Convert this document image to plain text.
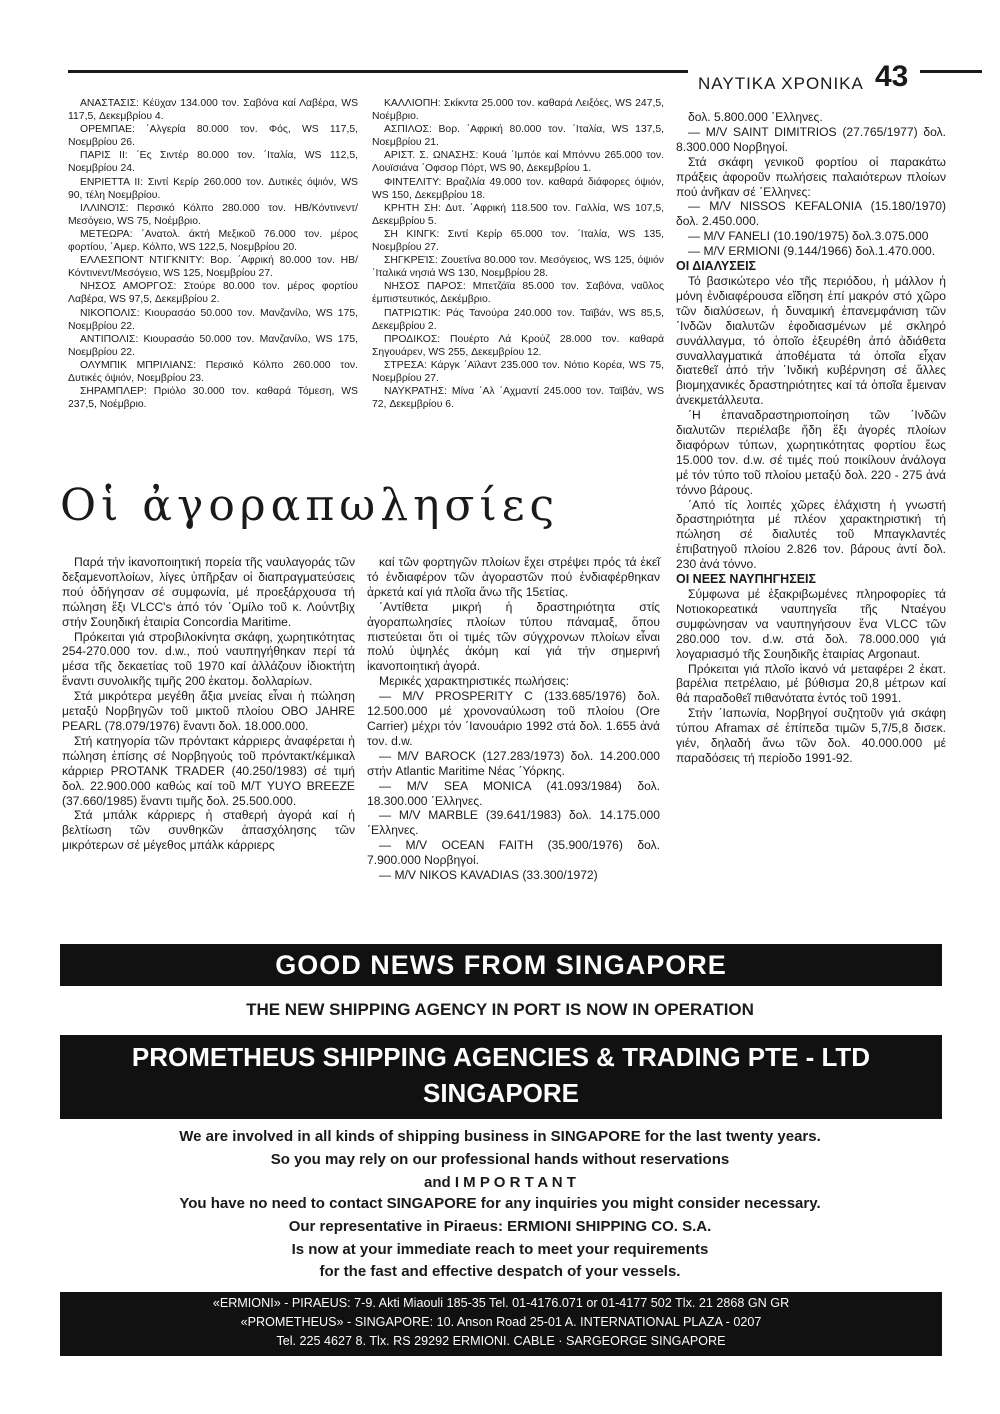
ΝΑΥΤΙΚΑ ΧΡΟΝΙΚΑ 43

ΑΝΑΣΤΑΣΙΣ: Κέϋχαν 134.000 τον. Σαβόνα καί Λαβέρα, WS 117,5, Δεκεμβρίου 4.

ΟΡΕΜΠΑΕ: ΄Αλγερία 80.000 τον. Φός, WS 117,5, Νοεμβρίου 26.

ΠΑΡΙΣ ΙΙ: ΄Ες Σιντέρ 80.000 τον. ΄Ιταλία, WS 112,5, Νοεμβρίου 24.

ΕΝΡΙΕΤΤΑ ΙΙ: Σιντί Κερίρ 260.000 τον. Δυτικές όψιόν, WS 90, τέλη Νοεμβρίου.

ΙΛΛΙΝΟΊΣ: Περσικό Κόλπο 280.000 τον. ΗΒ/Κόντινεντ/ Μεσόγειο, WS 75, Νοέμβριο.

ΜΕΤΕΩΡΑ: ΄Ανατολ. άκτή Μεξικοῦ 76.000 τον. μέρος φορτίου, ΄Αμερ. Κόλπο, WS 122,5, Νοεμβρίου 20.

ΕΛΛΕΣΠΟΝΤ ΝΤΙΓΚΝΙΤΥ: Βορ. ΄Αφρική 80.000 τον. ΗΒ/Κόντινεντ/Μεσόγειο, WS 125, Νοεμβρίου 27.

ΝΗΣΟΣ ΑΜΟΡΓΟΣ: Στούρε 80.000 τον. μέρος φορτίου Λαβέρα, WS 97,5, Δεκεμβρίου 2.

ΝΙΚΟΠΟΛΙΣ: Κιουρασάο 50.000 τον. Μανζανίλο, WS 175, Νοεμβρίου 22.

ΑΝΤΙΠΟΛΙΣ: Κιουρασάο 50.000 τον. Μανζανίλο, WS 175, Νοεμβρίου 22.

ΟΛΥΜΠΙΚ ΜΠΡΙΛΙΑΝΣ: Περσικό Κόλπο 260.000 τον. Δυτικές όψιόν, Νοεμβρίου 23.

ΣΗΡΑΜΠΛΕΡ: Πριόλο 30.000 τον. καθαρά Τόμεση, WS 237,5, Νοέμβριο.

ΚΑΛΛΙΟΠΗ: Σκίκντα 25.000 τον. καθαρά Λειξόες, WS 247,5, Νοέμβριο.

ΑΣΠΙΛΟΣ: Βορ. ΄Αφρική 80.000 τον. ΄Ιταλία, WS 137,5, Νοεμβρίου 21.

ΑΡΙΣΤ. Σ. ΩΝΑΣΗΣ: Κουά ΄Ιμπόε καί Μπόννυ 265.000 τον. Λουϊσιάνα ΄Οφσορ Πόρτ, WS 90, Δεκεμβρίου 1.

ΦΙΝΤΕΛΙΤΥ: Βραζιλία 49.000 τον. καθαρά διάφορες όψιόν, WS 150, Δεκεμβρίου 18.

ΚΡΗΤΗ ΣΗ: Δυτ. ΄Αφρική 118.500 τον. Γαλλία, WS 107,5, Δεκεμβρίου 5.

ΣΗ ΚΙΝΓΚ: Σιντί Κερίρ 65.000 τον. ΄Ιταλία, WS 135, Νοεμβρίου 27.

ΣΗΓΚΡΕΊΣ: Ζουετίνα 80.000 τον. Μεσόγειος, WS 125, όψιόν ΄Ιταλικά νησιά WS 130, Νοεμβρίου 28.

ΝΗΣΟΣ ΠΑΡΟΣ: Μπετζάϊα 85.000 τον. Σαβόνα, ναῦλος έμπιστευτικός, Δεκέμβριο.

ΠΑΤΡΙΩΤΙΚ: Ράς Τανούρα 240.000 τον. Ταϊβάν, WS 85,5, Δεκεμβρίου 2.

ΠΡΟΔΙΚΟΣ: Πουέρτο Λά Κρούζ 28.000 τον. καθαρά Σηγουάρεν, WS 255, Δεκεμβρίου 12.

ΣΤΡΕΣΑ: Κάργκ ΄Αϊλαντ 235.000 τον. Νότιο Κορέα, WS 75, Νοεμβρίου 27.

ΝΑΥΚΡΑΤΗΣ: Μίνα ΄Αλ ΄Αχμαντί 245.000 τον. Ταϊβάν, WS 72, Δεκεμβρίου 6.

Οἱ ἀγοραπωλησίες

Παρά τήν ἱκανοποιητική πορεία τῆς ναυλαγοράς τῶν δεξαμενοπλοίων, λίγες ὑπῆρξαν οἱ διαπραγματεύσεις πού ὁδήγησαν σέ συμφωνία, μέ προεξάρχουσα τή πώληση ἕξι VLCC's ἀπό τόν ΄Ομίλο τοῦ κ. Λούντβιχ στήν Σουηδική ἑταιρία Concordia Maritime.

Πρόκειται γιά στροβιλοκίνητα σκάφη, χωρητικότητας 254-270.000 τον. d.w., πού ναυπηγήθηκαν περί τά μέσα τῆς δεκαετίας τοῦ 1970 καί ἀλλάζουν ἰδιοκτήτη ἔναντι συνολικῆς τιμῆς 200 ἑκατομ. δολλαρίων.

Στά μικρότερα μεγέθη ἄξια μνείας εἶναι ἡ πώληση μεταξύ Νορβηγῶν τοῦ μικτοῦ πλοίου OBO JAHRE PEARL (78.079/1976) ἔναντι δολ. 18.000.000.

Στή κατηγορία τῶν πρόντακτ κάρριερς ἀναφέρεται ἡ πώληση ἐπίσης σέ Νορβηγούς τοῦ πρόντακτ/κέμικαλ κάρριερ PROTANK TRADER (40.250/1983) σέ τιμή δολ. 22.900.000 καθώς καί τοῦ M/T YUYO BREEZE (37.660/1985) ἔναντι τιμῆς δολ. 25.500.000.

Στά μπάλκ κάρριερς ἡ σταθερή ἀγορά καί ἡ βελτίωση τῶν συνθηκῶν ἀπασχόλησης τῶν μικρότερων σέ μέγεθος μπάλκ κάρριερς

καί τῶν φορτηγῶν πλοίων ἔχει στρέψει πρός τά ἐκεῖ τό ἐνδιαφέρον τῶν ἀγοραστῶν πού ἐνδιαφέρθηκαν ἀρκετά καί γιά πλοῖα ἄνω τῆς 15ετίας.

΄Αντίθετα μικρή ἡ δραστηριότητα στίς ἀγοραπωλησίες πλοίων τύπου πάναμαξ, ὅπου πιστεύεται ὅτι οἱ τιμές τῶν σύγχρονων πλοίων εἶναι πολύ ὑψηλές ἀκόμη καί γιά τήν σημερινή ἱκανοποιητική ἀγορά.

Μερικές χαρακτηριστικές πωλήσεις:

— M/V PROSPERITY C (133.685/1976) δολ. 12.500.000 μέ χρονοναύλωση τοῦ πλοίου (Ore Carrier) μέχρι τόν ΄Ιανουάριο 1992 στά δολ. 1.655 ἀνά τον. d.w.

— M/V BAROCK (127.283/1973) δολ. 14.200.000 στήν Atlantic Maritime Νέας ΄Υόρκης.

— M/V SEA MONICA (41.093/1984) δολ. 18.300.000 ΄Ελληνες.

— M/V MARBLE (39.641/1983) δολ. 14.175.000 ΄Ελληνες.

— M/V OCEAN FAITH (35.900/1976) δολ. 7.900.000 Νορβηγοί.

— M/V NIKOS KAVADIAS (33.300/1972)

δολ. 5.800.000 ΄Ελληνες.

— M/V SAINT DIMITRIOS (27.765/1977) δολ. 8.300.000 Νορβηγοί.

Στά σκάφη γενικοῦ φορτίου οἱ παρακάτω πράξεις ἀφοροῦν πωλήσεις παλαιότερων πλοίων πού ἀνῆκαν σέ ΄Ελληνες:

— M/V NISSOS KEFALONIA (15.180/1970) δολ. 2.450.000.

— M/V FANELI (10.190/1975) δολ.3.075.000

— M/V ERMIONI (9.144/1966) δολ.1.470.000.

ΟΙ ΔΙΑΛΥΣΕΙΣ

Τό βασικώτερο νέο τῆς περιόδου, ἡ μάλλον ἡ μόνη ἐνδιαφέρουσα εἴδηση ἐπί μακρόν στό χῶρο τῶν διαλύσεων, ἡ δυναμική ἐπανεμφάνιση τῶν ΄Ινδῶν διαλυτῶν ἐφοδιασμένων μέ σκληρό συνάλλαγμα, τό ὁποῖο ἐξευρέθη ἀπό ἀδιάθετα συναλλαγματικά ἀποθέματα τά ὁποῖα εἶχαν διατεθεῖ ἀπό τήν ΄Ινδική κυβέρνηση σέ ἄλλες βιομηχανικές δραστηριότητες καί τά ὁποῖα ἔμειναν ἀνεκμετάλλευτα.

΄Η ἐπαναδραστηριοποίηση τῶν ΄Ινδῶν διαλυτῶν περιέλαβε ἤδη ἕξι ἀγορές πλοίων διαφόρων τύπων, χωρητικότητας φορτίου ἕως 15.000 τον. d.w. σέ τιμές πού ποικίλουν ἀνάλογα μέ τόν τύπο τοῦ πλοίου μεταξύ δολ. 220 - 275 ἀνά τόννο βάρους.

΄Από τίς λοιπές χῶρες ἐλάχιστη ἡ γνωστή δραστηριότητα μέ πλέον χαρακτηριστική τή πώληση σέ διαλυτές τοῦ Μπαγκλαντές ἐπιβατηγοῦ πλοίου 2.826 τον. βάρους ἀντί δολ. 230 ἀνά τόννο.

ΟΙ ΝΕΕΣ ΝΑΥΠΗΓΗΣΕΙΣ

Σύμφωνα μέ ἐξακριβωμένες πληροφορίες τά Νοτιοκορεατικά ναυπηγεῖα τῆς Νταέγου συμφώνησαν να ναυπηγήσουν ἕνα VLCC τῶν 280.000 τον. d.w. στά δολ. 78.000.000 γιά λογαριασμό τῆς Σουηδικῆς ἑταιρίας Argonaut.

Πρόκειται γιά πλοῖο ἱκανό νά μεταφέρει 2 ἑκατ. βαρέλια πετρέλαιο, μέ βύθισμα 20,8 μέτρων καί θά παραδοθεῖ πιθανότατα ἐντός τοῦ 1991.

Στήν ΄Ιαπωνία, Νορβηγοί συζητοῦν γιά σκάφη τύπου Aframax σέ ἐπίπεδα τιμῶν 5,7/5,8 δισεκ. γιέν, δηλαδή ἄνω τῶν δολ. 40.000.000 μέ παραδόσεις τή περίοδο 1991-92.

GOOD NEWS FROM SINGAPORE
THE NEW SHIPPING AGENCY IN PORT IS NOW IN OPERATION
PROMETHEUS SHIPPING AGENCIES & TRADING PTE - LTD
SINGAPORE
We are involved in all kinds of shipping business in SINGAPORE for the last twenty years.
So you may rely on our professional hands without reservations
and I M P O R T A N T
You have no need to contact SINGAPORE for any inquiries you might consider necessary.
Our representative in Piraeus: ERMIONI SHIPPING CO. S.A.
Is now at your immediate reach to meet your requirements
for the fast and effective despatch of your vessels.
«ERMIONI» - PIRAEUS: 7-9. Akti Miaouli 185-35 Tel. 01-4176.071 or 01-4177 502 Tlx. 21 2868 GN GR
«PROMETHEUS» - SINGAPORE: 10. Anson Road 25-01 A. INTERNATIONAL PLAZA - 0207
Tel. 225 4627 8. Tlx. RS 29292 ERMIONI. CABLE · SARGEORGE SINGAPORE
